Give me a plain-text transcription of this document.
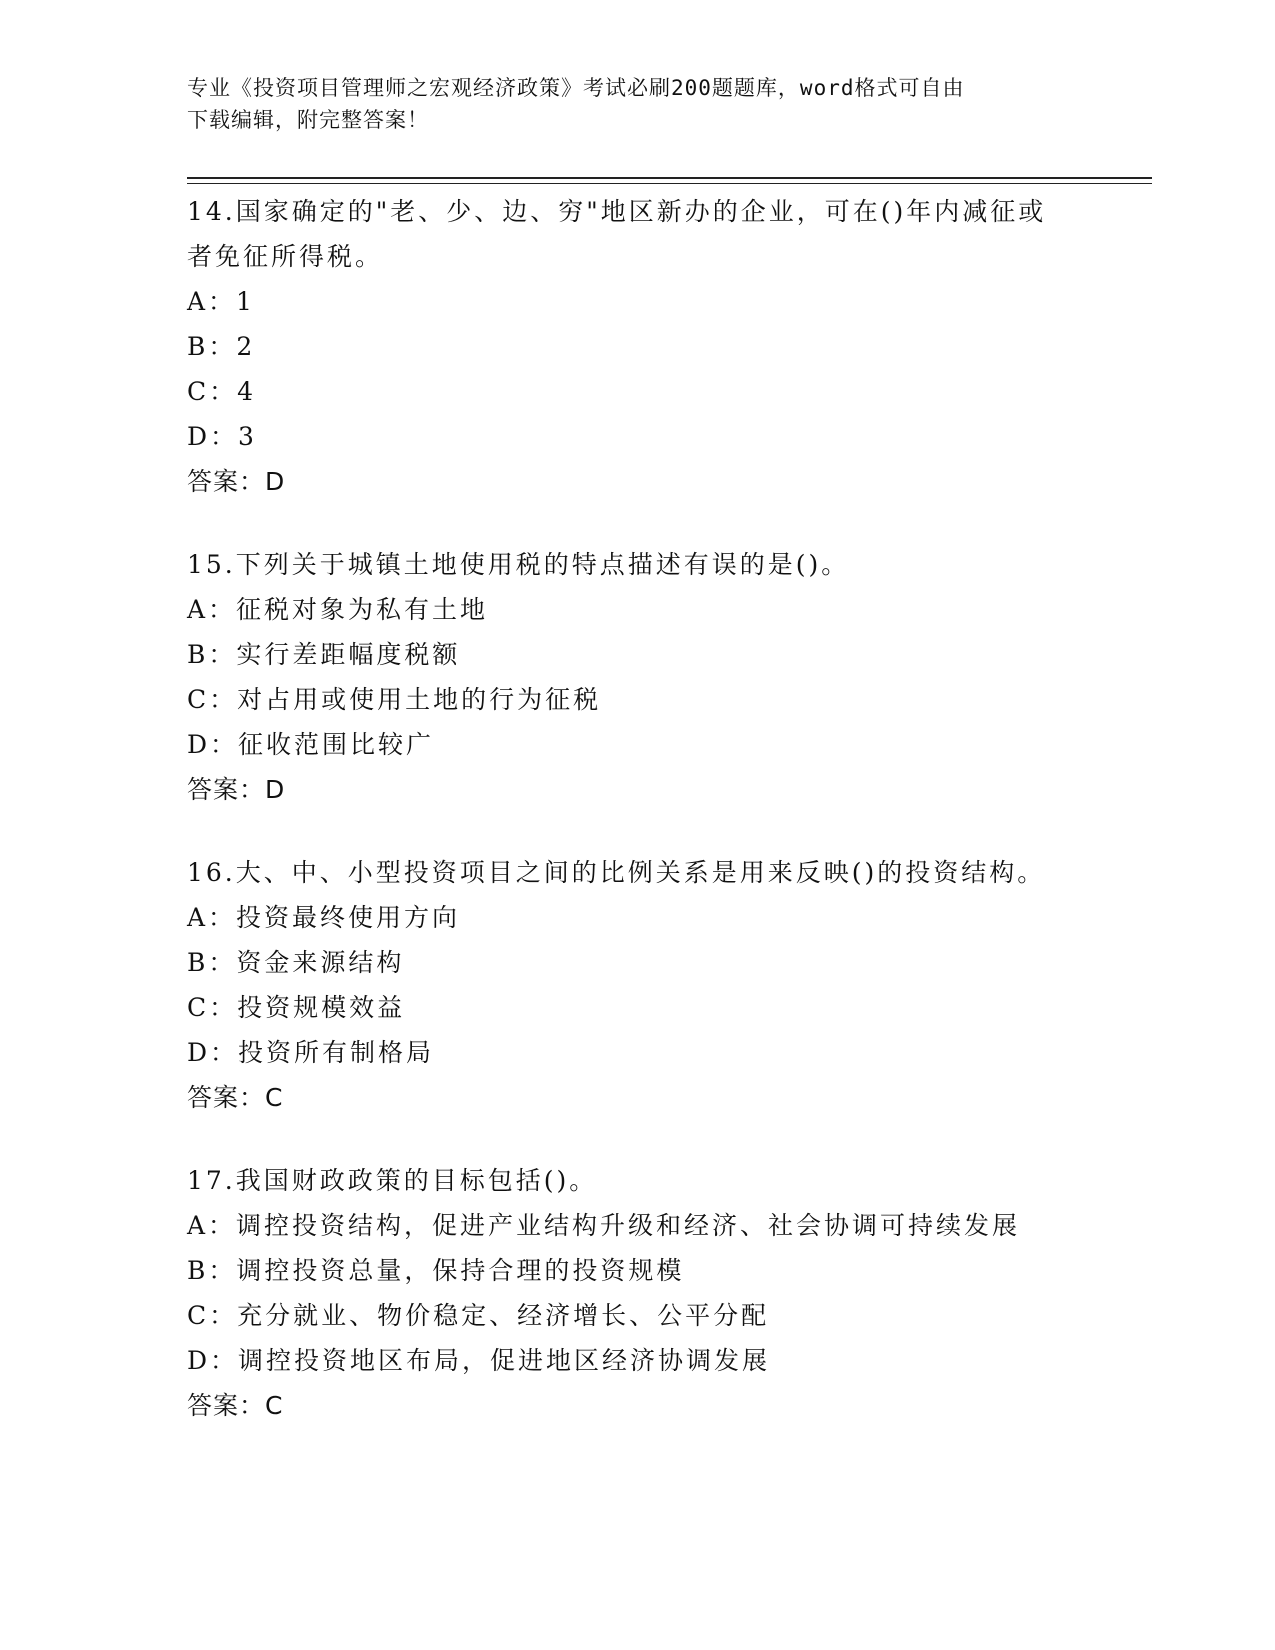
专业《投资项目管理师之宏观经济政策》考试必刷200题题库，word格式可自由
下载编辑，附完整答案！
14.国家确定的"老、少、边、穷"地区新办的企业，可在()年内减征或
者免征所得税。
A：1
B：2
C：4
D：3
答案：D
15.下列关于城镇土地使用税的特点描述有误的是()。
A：征税对象为私有土地
B：实行差距幅度税额
C：对占用或使用土地的行为征税
D：征收范围比较广
答案：D
16.大、中、小型投资项目之间的比例关系是用来反映()的投资结构。
A：投资最终使用方向
B：资金来源结构
C：投资规模效益
D：投资所有制格局
答案：C
17.我国财政政策的目标包括()。
A：调控投资结构，促进产业结构升级和经济、社会协调可持续发展
B：调控投资总量，保持合理的投资规模
C：充分就业、物价稳定、经济增长、公平分配
D：调控投资地区布局，促进地区经济协调发展
答案：C
